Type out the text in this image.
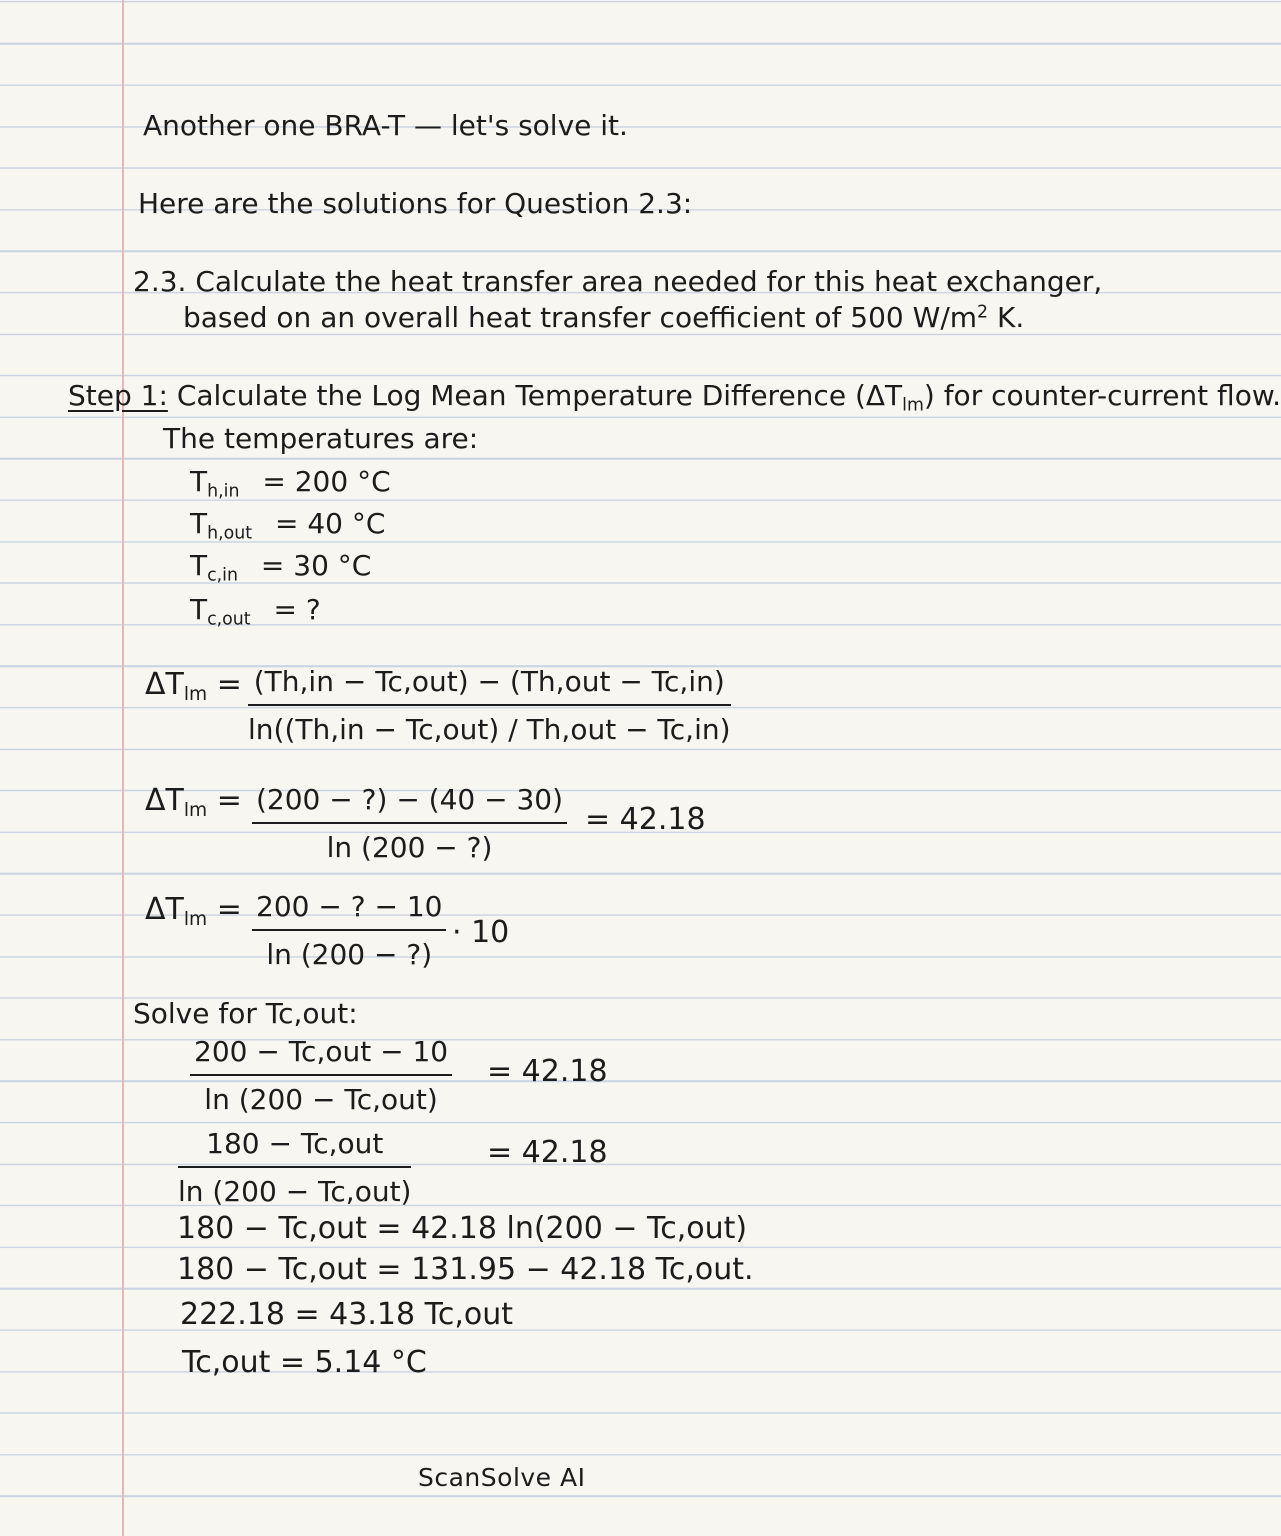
Another one BRA-T — let's solve it.
Here are the solutions for Question 2.3:
2.3. Calculate the heat transfer area needed for this heat exchanger,
based on an overall heat transfer coefficient of 500 $W/m^2$ K.
Step 1: Calculate the Log Mean Temperature Difference $(\Delta T_{lm})$ for counter-current flow.
The temperatures are:
$T_{h,in} = 200$ °C
$T_{h,out} = 40$ °C
$T_{c,in} = 30$ °C
$T_{c,out}$ = ?
$\Delta T_{lm} = (Th,in - Tc,out) - (Th,out - Tc,in)$
ln((Th,in − Tc,out) / Th,out − Tc,in)
$\Delta T_{lm} = (200$ − ?) − (40 − 30)
ln (200 − ?)
= 42.18
$\Delta T_{lm} = 200$ − ? − 10
ln (200 − ?)
· 10
Solve for Tc,out:
200 − Tc,out − 10
ln (200 − Tc,out)
= 42.18
180 − Tc,out
ln (200 − Tc,out)
= 42.18
180 − Tc,out = 42.18 ln(200 − Tc,out)
180 − Tc,out = 131.95 − 42.18 Tc,out.
222.18 = 43.18 Tc,out
Tc,out = 5.14 °C
ScanSolve AI
